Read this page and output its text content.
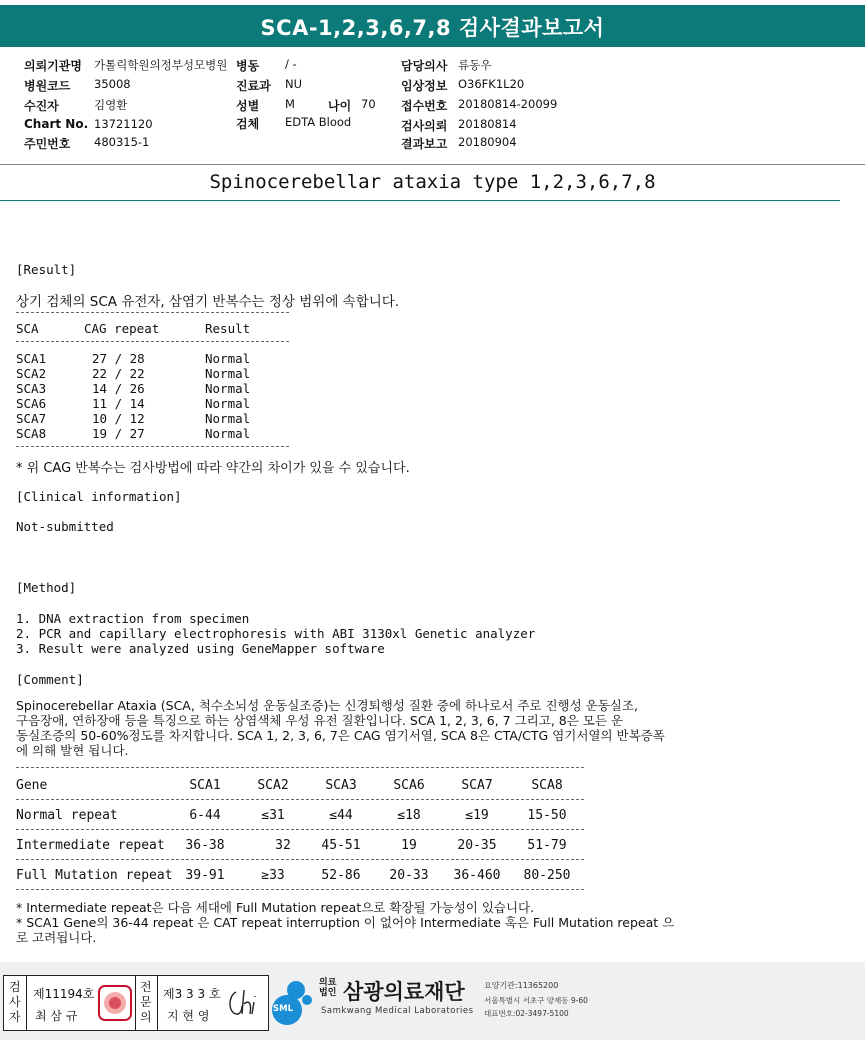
SCA-1,2,3,6,7,8 검사결과보고서
의뢰기관명 가톨릭학원의정부성모병원 병동 / -	담당의사 류동우
병원코드 35008	진료과 NU	임상정보 O36FK1L20
수진자	김영환	성별 M	나이 70 접수번호 20180814-20099
Chart No. 13721120	검체 EDTA Blood	검사의뢰 20180814
주민번호 480315-1	결과보고 20180904
Spinocerebellar ataxia type 1,2,3,6,7,8
[Result]
상기 검체의 SCA 유전자, 삼염기 반복수는 정상 범위에 속합니다.
SCA	CAG repeat	Result
SCA1	27 / 28	Normal
SCA2	22 / 22	Normal
SCA3	14 / 26	Normal
SCA6	11 / 14	Normal
SCA7	10 / 12	Normal
SCA8	19 / 27	Normal
* 위 CAG 반복수는 검사방법에 따라 약간의 차이가 있을 수 있습니다.
[Clinical information]
Not-submitted
[Method]
1. DNA extraction from specimen
2. PCR and capillary electrophoresis with ABI 3130xl Genetic analyzer
3. Result were analyzed using GeneMapper software
[Comment]
Spinocerebellar Ataxia (SCA, 척수소뇌성 운동실조증)는 신경퇴행성 질환 중에 하나로서 주로 진행성 운동실조,
구음장애, 연하장애 등을 특징으로 하는 상염색체 우성 유전 질환입니다. SCA 1, 2, 3, 6, 7 그리고, 8은 모든 운
동실조증의 50-60%정도를 차지합니다. SCA 1, 2, 3, 6, 7은 CAG 염기서열, SCA 8은 CTA/CTG 염기서열의 반복증폭
에 의해 발현 됩니다.
Gene	SCA1	SCA2	SCA3	SCA6	SCA7	SCA8
Normal repeat	6-44	≤31	≤44	≤18	≤19	15-50
Intermediate repeat	36-38	32	45-51	19	20-35	51-79
Full Mutation repeat 39-91	≥33	52-86	20-33	36-460	80-250
* Intermediate repeat은 다음 세대에 Full Mutation repeat으로 확장될 가능성이 있습니다.
* SCA1 Gene의 36-44 repeat 은 CAT repeat interruption 이 없어야 Intermediate 혹은 Full Mutation repeat 으
로 고려됩니다.
검사자
제11194호
최 삼 규
전문의
제3 3 3 호
지 현 영	SML
의료법인 삼광의료재단
Samkwang Medical Laboratories
요양기관:11365200
서울특별시 서초구 양재동 9-60
대표번호:02-3497-5100
